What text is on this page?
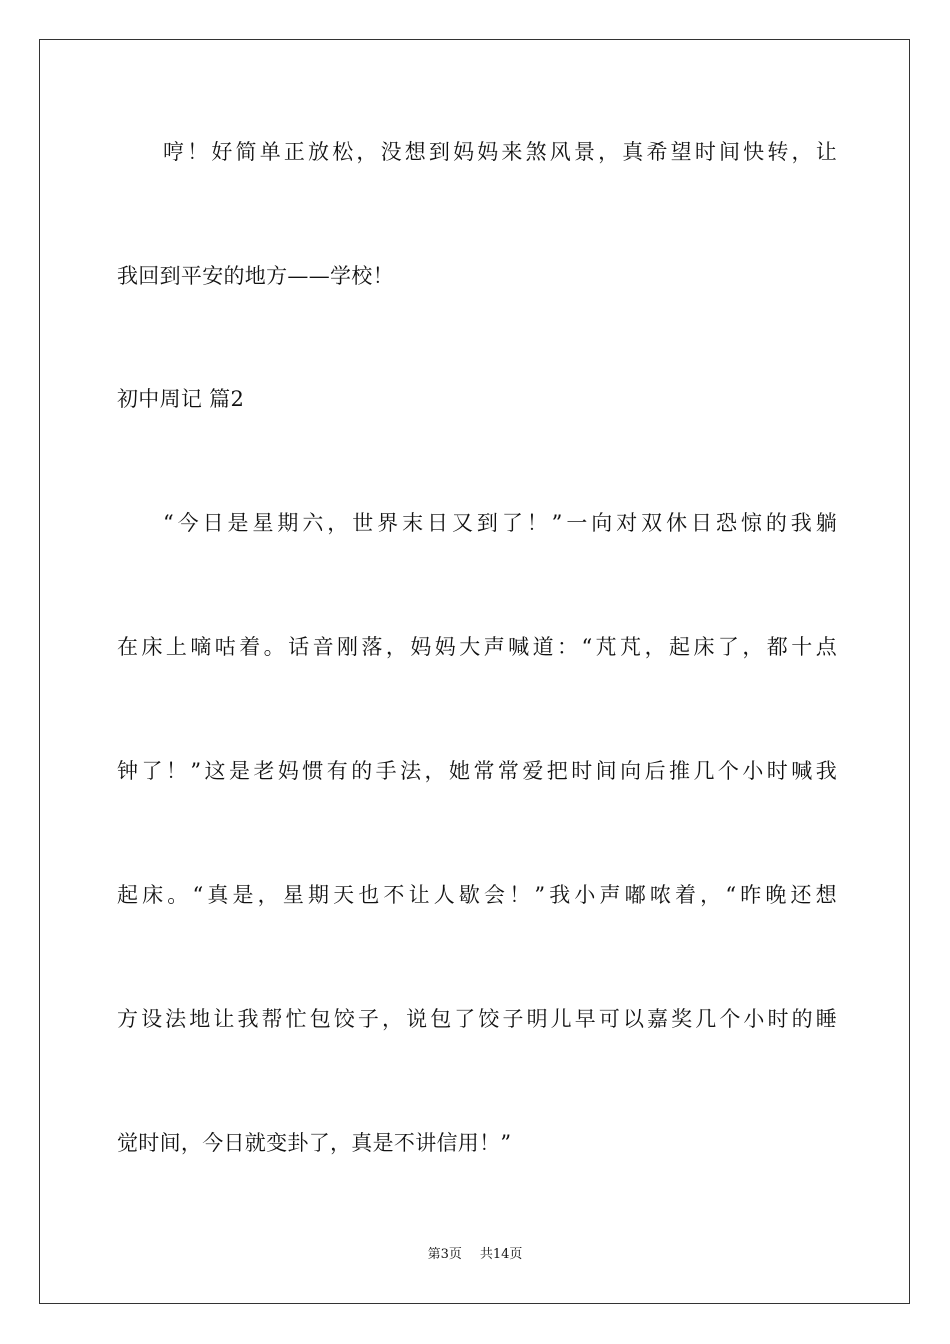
哼！好简单正放松，没想到妈妈来煞风景，真希望时间快转，让
我回到平安的地方——学校！
初中周记 篇2
“今日是星期六，世界末日又到了！”一向对双休日恐惊的我躺
在床上嘀咕着。话音刚落，妈妈大声喊道：“芃芃，起床了，都十点
钟了！”这是老妈惯有的手法，她常常爱把时间向后推几个小时喊我
起床。“真是，星期天也不让人歇会！”我小声嘟哝着，“昨晚还想
方设法地让我帮忙包饺子，说包了饺子明儿早可以嘉奖几个小时的睡
觉时间，今日就变卦了，真是不讲信用！”
第3页 共14页
